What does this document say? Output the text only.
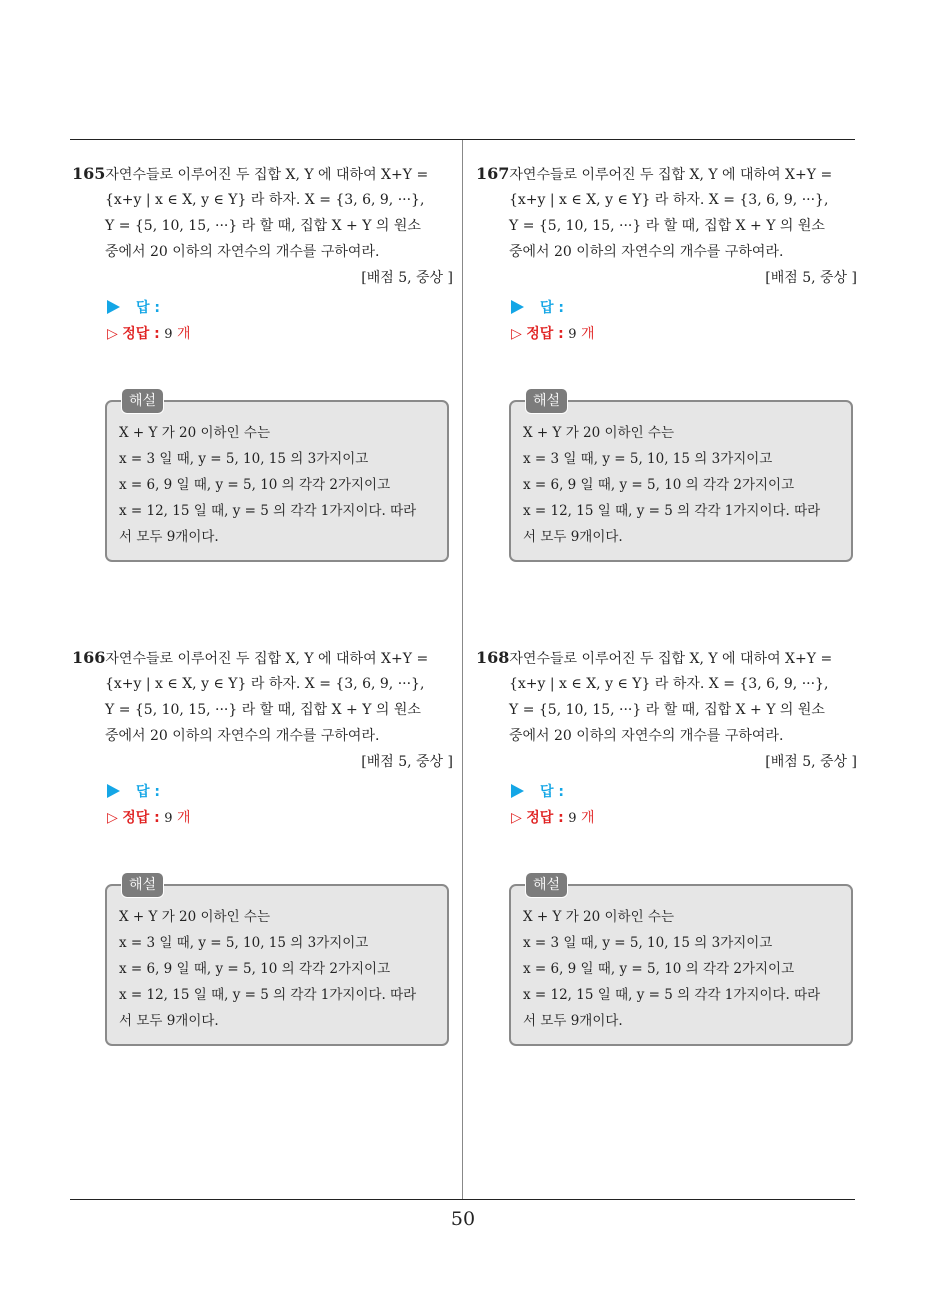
165자연수들로 이루어진 두 집합 X, Y 에 대하여 X+Y =
{x+y | x ∈ X, y ∈ Y} 라 하자. X = {3, 6, 9, ···},
Y = {5, 10, 15, ···} 라 할 때, 집합 X + Y 의 원소
중에서 20 이하의 자연수의 개수를 구하여라.
[배점 5, 중상 ]
답 :
▷ 정답 : 9 개
해설
X + Y 가 20 이하인 수는
x = 3 일 때, y = 5, 10, 15 의 3가지이고
x = 6, 9 일 때, y = 5, 10 의 각각 2가지이고
x = 12, 15 일 때, y = 5 의 각각 1가지이다. 따라
서 모두 9개이다.
166자연수들로 이루어진 두 집합 X, Y 에 대하여 X+Y =
{x+y | x ∈ X, y ∈ Y} 라 하자. X = {3, 6, 9, ···},
Y = {5, 10, 15, ···} 라 할 때, 집합 X + Y 의 원소
중에서 20 이하의 자연수의 개수를 구하여라.
[배점 5, 중상 ]
답 :
▷ 정답 : 9 개
해설
X + Y 가 20 이하인 수는
x = 3 일 때, y = 5, 10, 15 의 3가지이고
x = 6, 9 일 때, y = 5, 10 의 각각 2가지이고
x = 12, 15 일 때, y = 5 의 각각 1가지이다. 따라
서 모두 9개이다.
167자연수들로 이루어진 두 집합 X, Y 에 대하여 X+Y =
{x+y | x ∈ X, y ∈ Y} 라 하자. X = {3, 6, 9, ···},
Y = {5, 10, 15, ···} 라 할 때, 집합 X + Y 의 원소
중에서 20 이하의 자연수의 개수를 구하여라.
[배점 5, 중상 ]
답 :
▷ 정답 : 9 개
해설
X + Y 가 20 이하인 수는
x = 3 일 때, y = 5, 10, 15 의 3가지이고
x = 6, 9 일 때, y = 5, 10 의 각각 2가지이고
x = 12, 15 일 때, y = 5 의 각각 1가지이다. 따라
서 모두 9개이다.
168자연수들로 이루어진 두 집합 X, Y 에 대하여 X+Y =
{x+y | x ∈ X, y ∈ Y} 라 하자. X = {3, 6, 9, ···},
Y = {5, 10, 15, ···} 라 할 때, 집합 X + Y 의 원소
중에서 20 이하의 자연수의 개수를 구하여라.
[배점 5, 중상 ]
답 :
▷ 정답 : 9 개
해설
X + Y 가 20 이하인 수는
x = 3 일 때, y = 5, 10, 15 의 3가지이고
x = 6, 9 일 때, y = 5, 10 의 각각 2가지이고
x = 12, 15 일 때, y = 5 의 각각 1가지이다. 따라
서 모두 9개이다.
50
